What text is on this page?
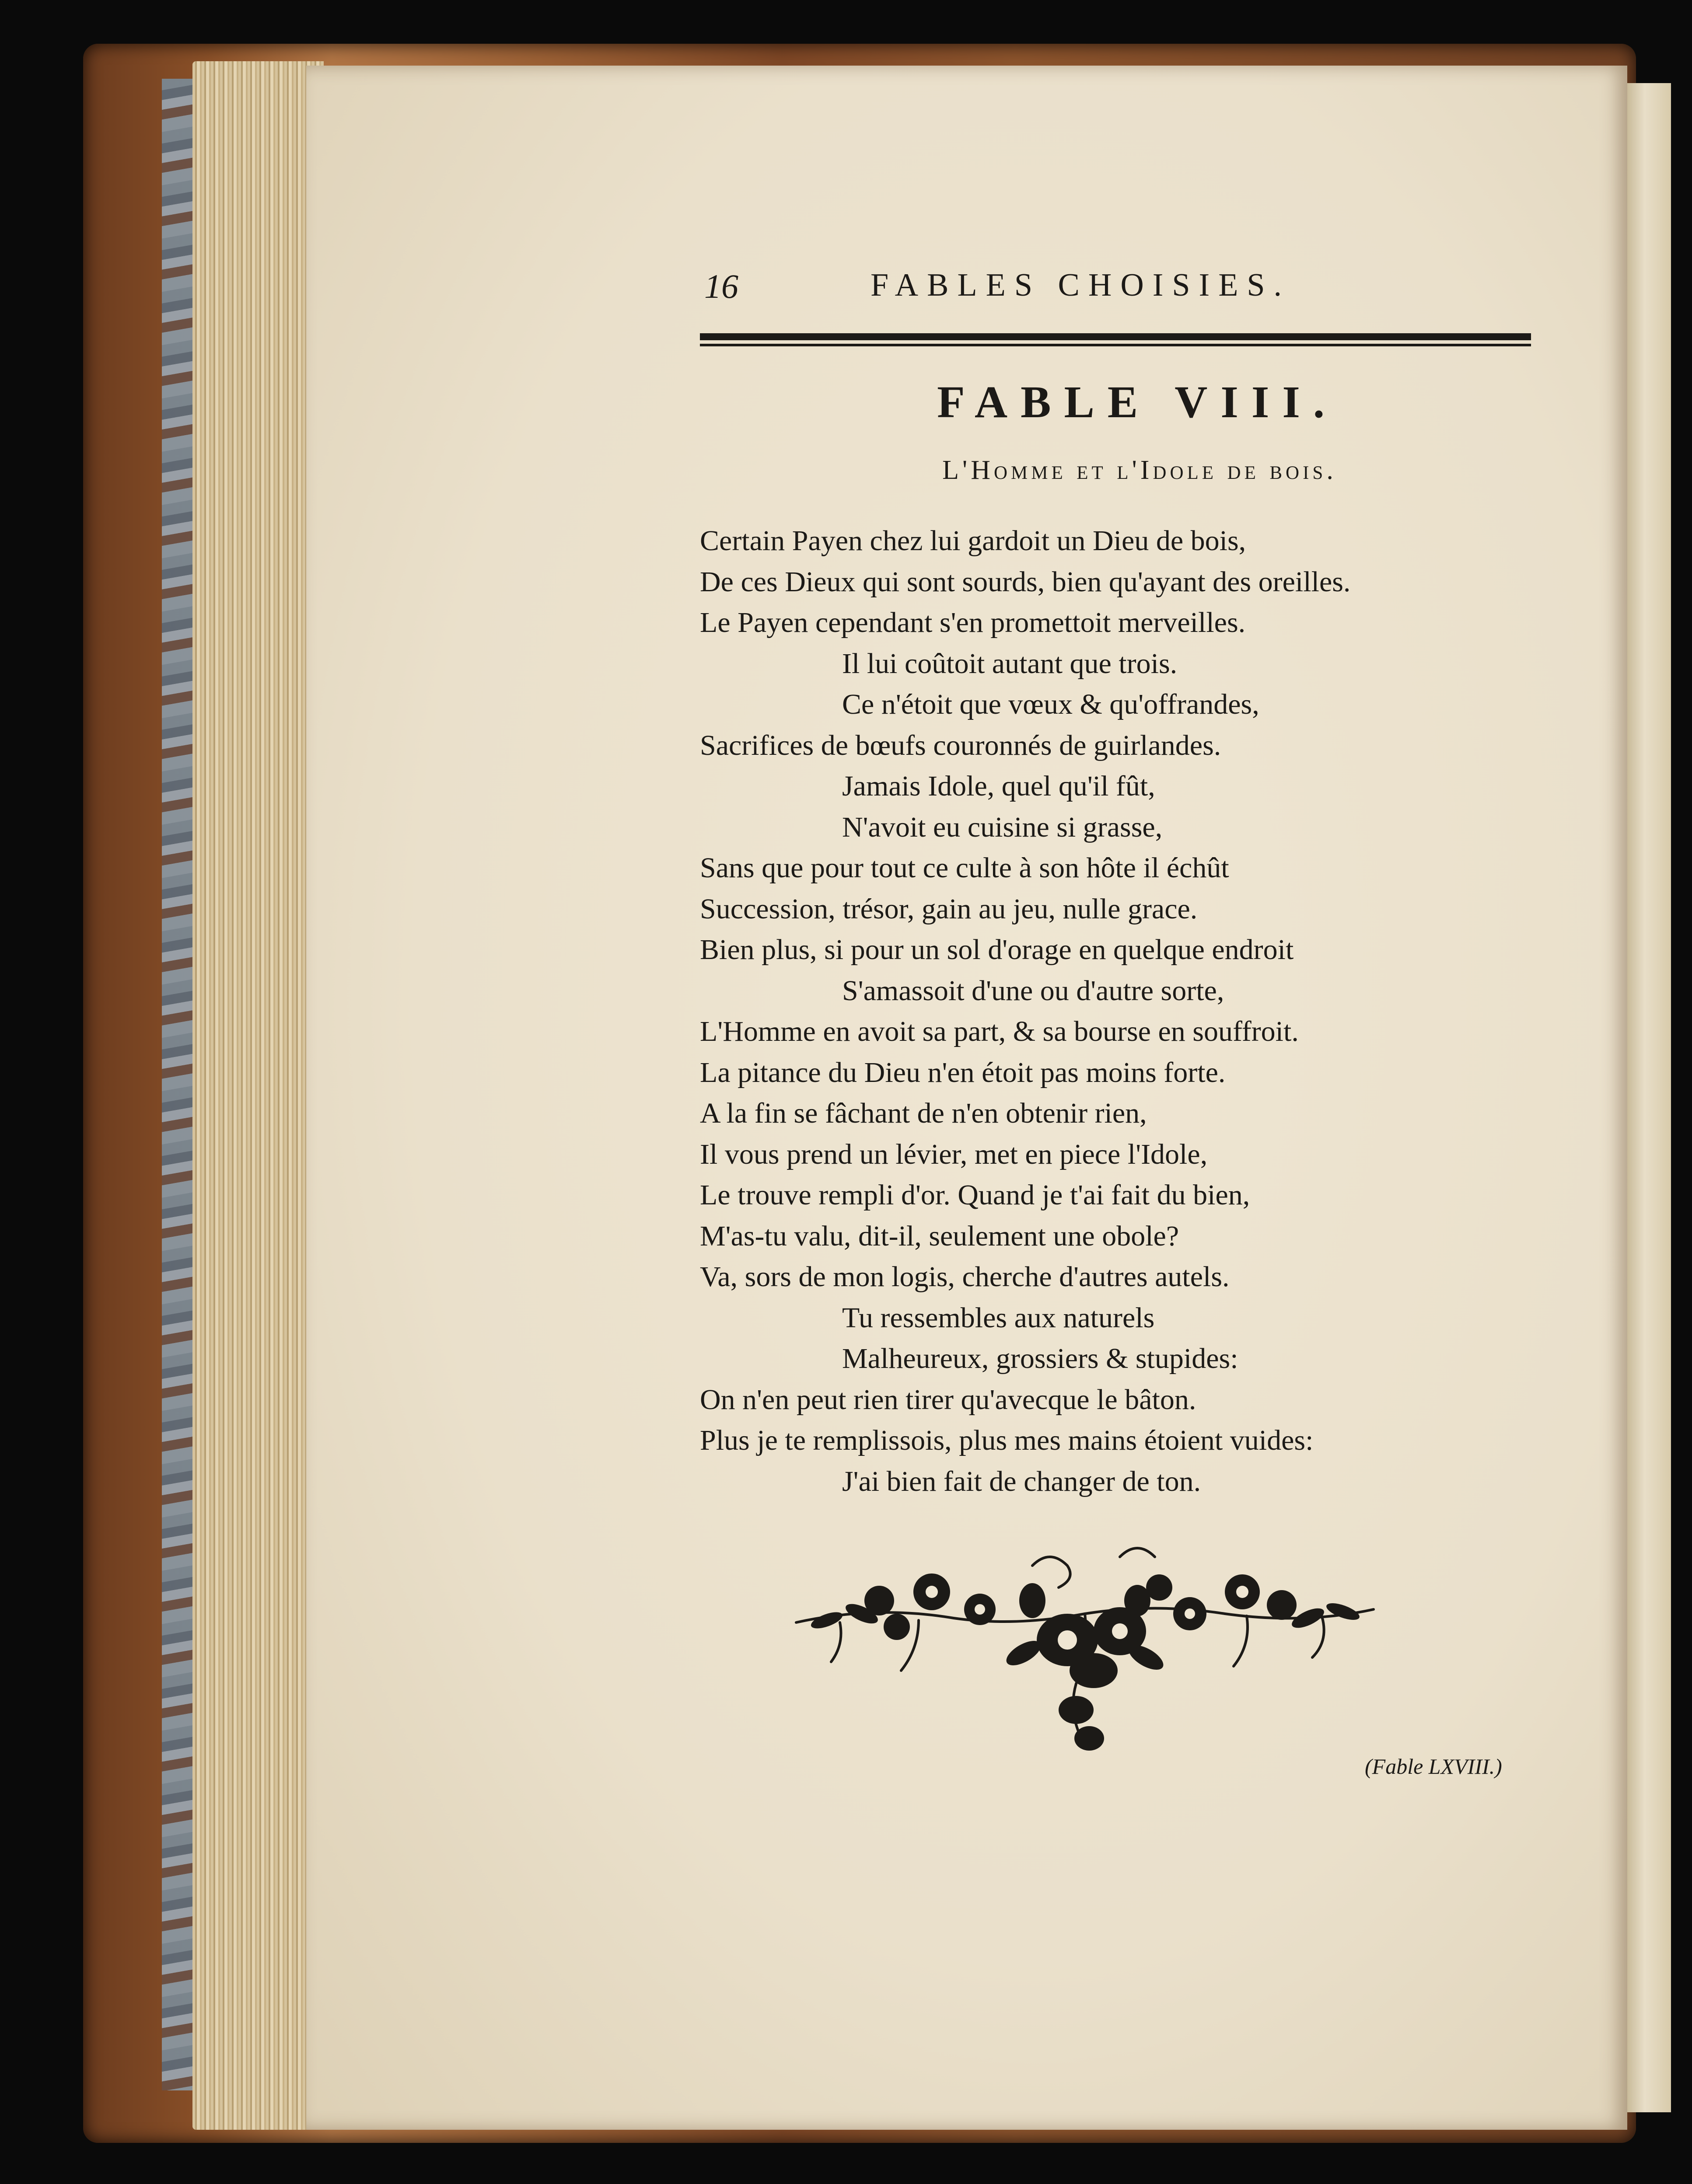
16	FABLES CHOISIES.
FABLE VIII.
L'Homme et l'Idole de bois.
Certain Payen chez lui gardoit un Dieu de bois,
De ces Dieux qui sont sourds, bien qu'ayant des oreilles.
Le Payen cependant s'en promettoit merveilles.
Il lui coûtoit autant que trois.
Ce n'étoit que vœux & qu'offrandes,
Sacrifices de bœufs couronnés de guirlandes.
Jamais Idole, quel qu'il fût,
N'avoit eu cuisine si grasse,
Sans que pour tout ce culte à son hôte il échût
Succession, trésor, gain au jeu, nulle grace.
Bien plus, si pour un sol d'orage en quelque endroit
S'amassoit d'une ou d'autre sorte,
L'Homme en avoit sa part, & sa bourse en souffroit.
La pitance du Dieu n'en étoit pas moins forte.
A la fin se fâchant de n'en obtenir rien,
Il vous prend un lévier, met en piece l'Idole,
Le trouve rempli d'or. Quand je t'ai fait du bien,
M'as-tu valu, dit-il, seulement une obole?
Va, sors de mon logis, cherche d'autres autels.
Tu ressembles aux naturels
Malheureux, grossiers & stupides:
On n'en peut rien tirer qu'avecque le bâton.
Plus je te remplissois, plus mes mains étoient vuides:
J'ai bien fait de changer de ton.
(Fable LXVIII.)
